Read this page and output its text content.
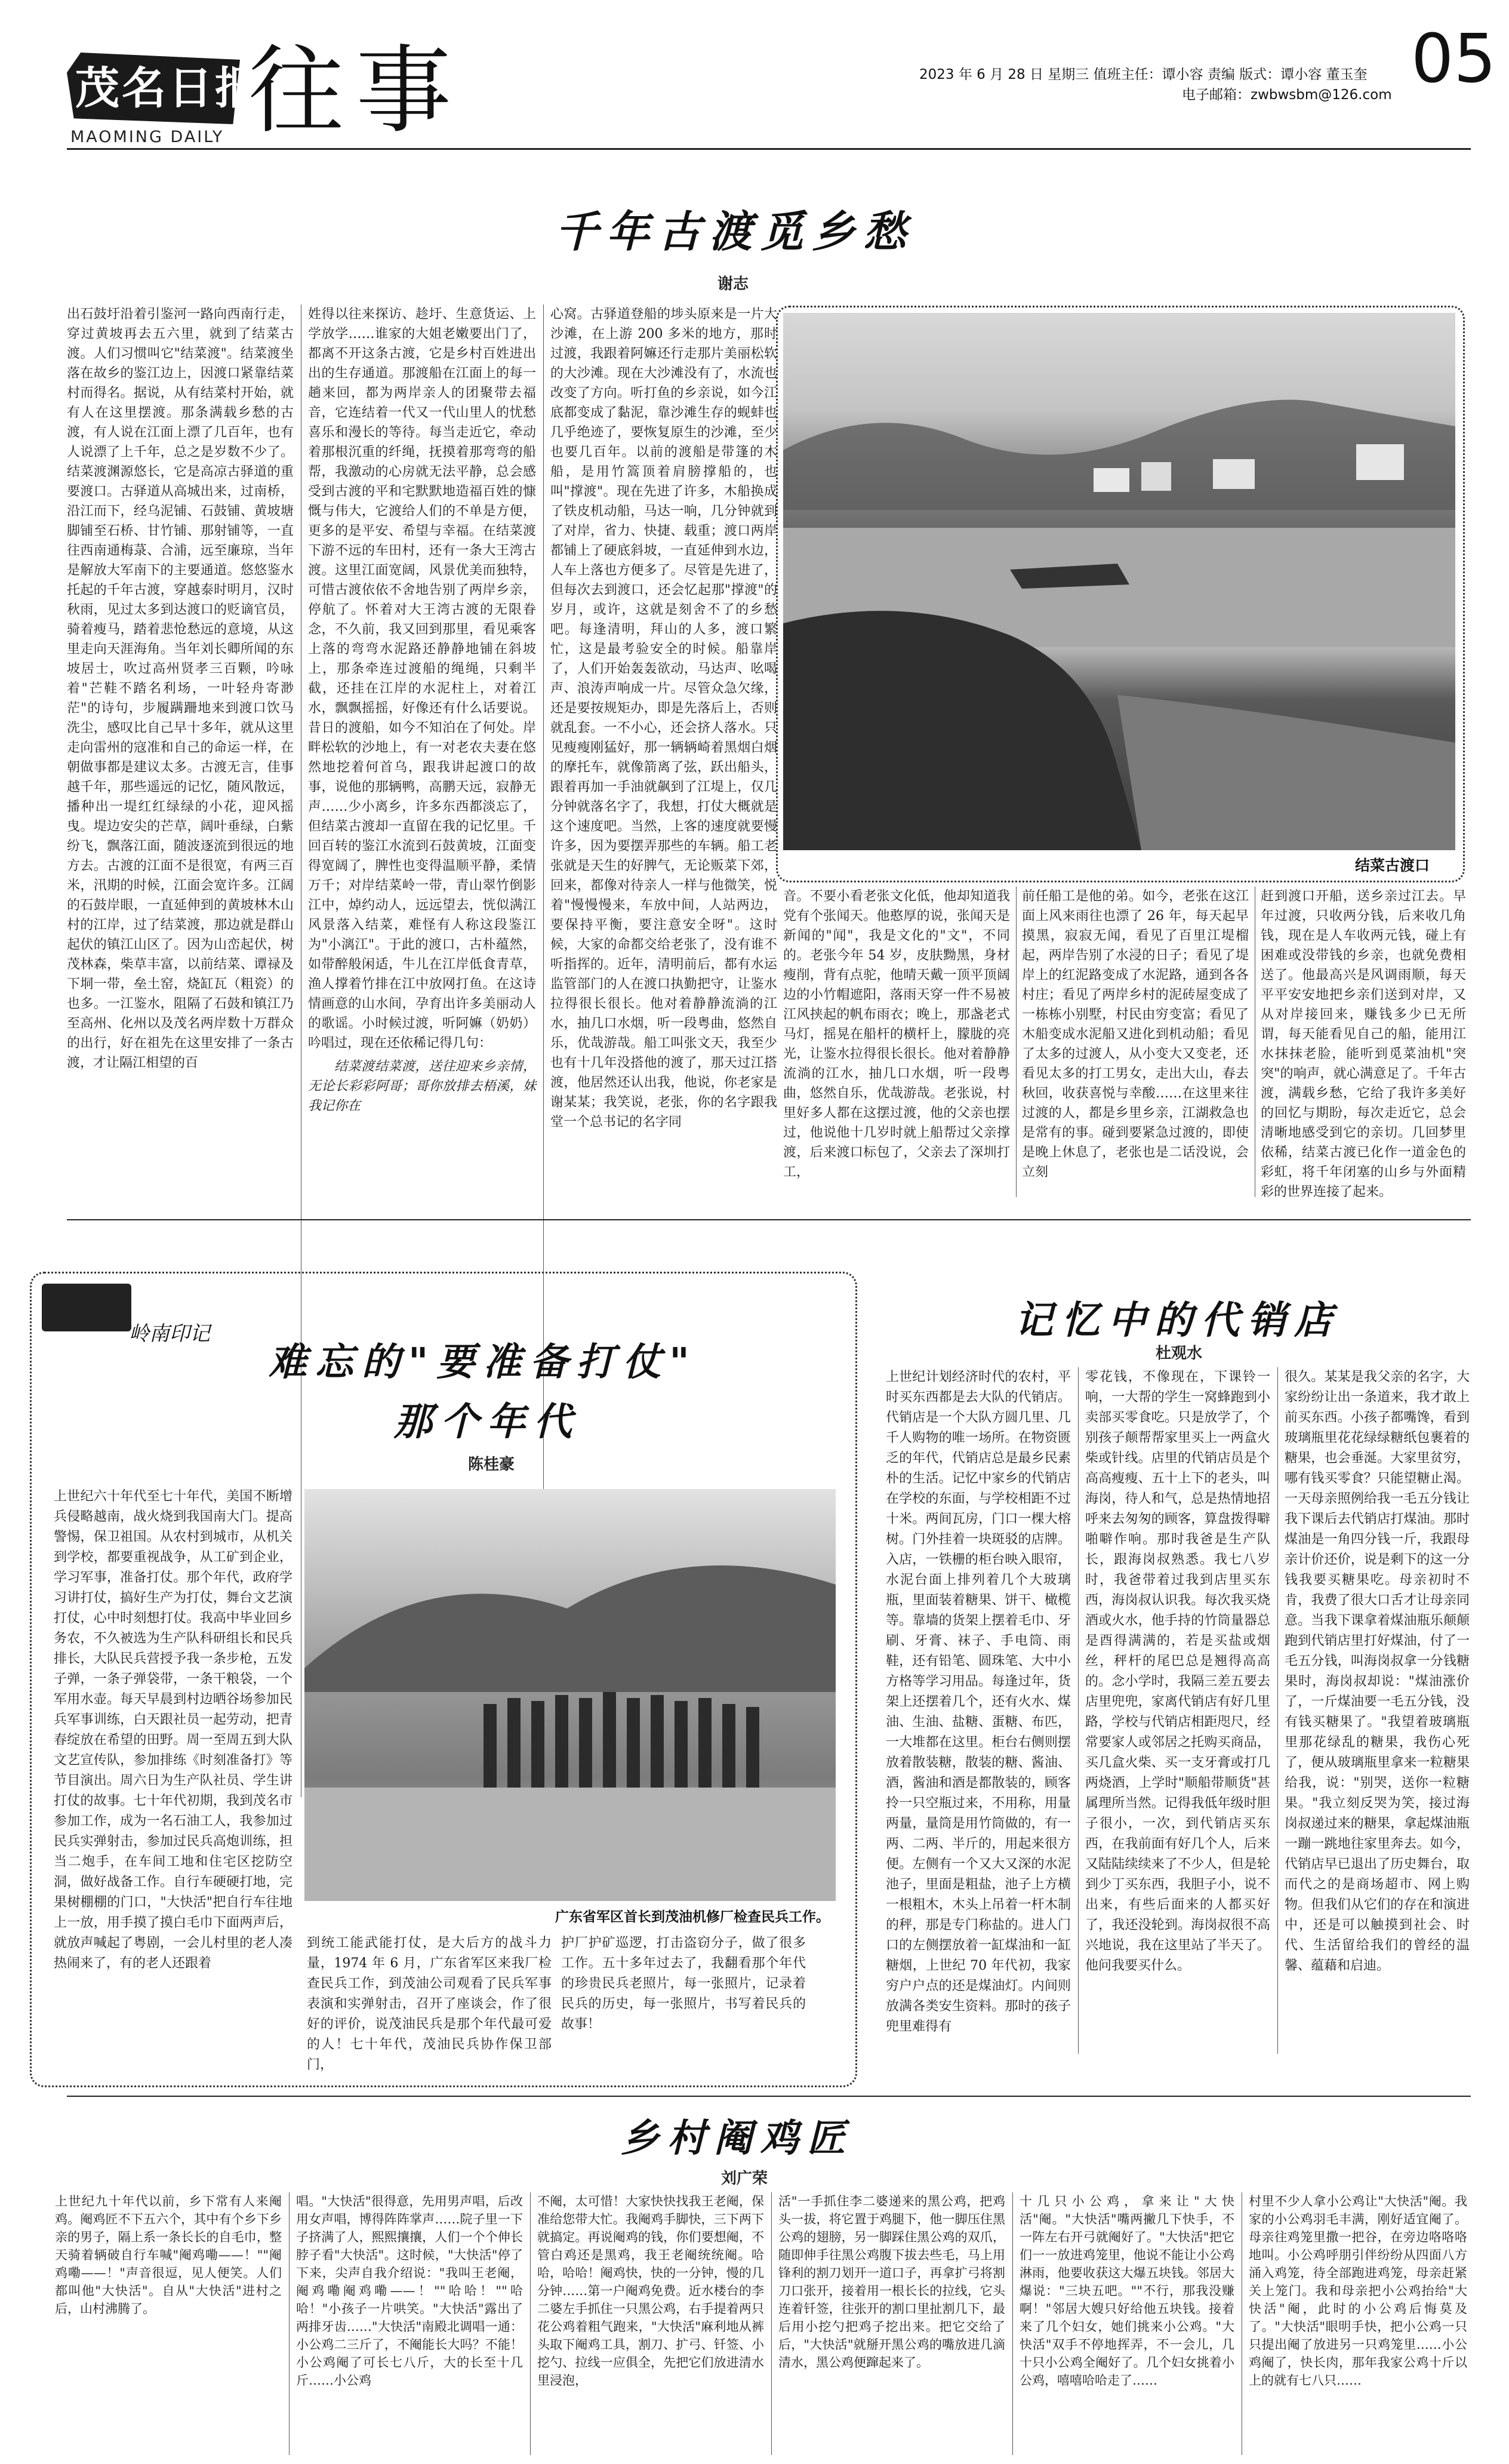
茂名日报
MAOMING DAILY 往事	2023 年 6 月 28 日 星期三 值班主任：谭小容 责编 版式：谭小容 董玉奎
电子邮箱：zwbwsbm@126.com 05
千年古渡觅乡愁
谢志
出石鼓圩沿着引鉴河一路向西南行走，穿过黄坡再去五六里，就到了结菜古渡。人们习惯叫它"结菜渡"。结菜渡坐落在故乡的鉴江边上，因渡口紧靠结菜村而得名。据说，从有结菜村开始，就有人在这里摆渡。那条满载乡愁的古渡，有人说在江面上漂了几百年，也有人说漂了上千年，总之是岁数不少了。结菜渡渊源悠长，它是高凉古驿道的重要渡口。古驿道从高城出来，过南桥，沿江而下，经乌泥铺、石鼓铺、黄坡塘脚铺至石桥、甘竹铺、那射铺等，一直往西南通梅菉、合浦，远至廉琼，当年是解放大军南下的主要通道。悠悠鉴水托起的千年古渡，穿越泰时明月，汉时秋雨，见过太多到达渡口的贬谪官员，骑着瘦马，踏着悲怆愁远的意境，从这里走向天涯海角。当年刘长卿所闻的东坡居士，吹过高州贤孝三百颗，吟咏着"芒鞋不踏名利场，一叶轻舟寄渺茫"的诗句，步履蹒跚地来到渡口饮马洗尘，感叹比自己早十多年，就从这里走向雷州的寇准和自己的命运一样，在朝做事都是建议太多。古渡无言，佳事越千年，那些遥远的记忆，随风散远，播种出一堤红红绿绿的小花，迎风摇曳。堤边安尖的芒草，阔叶垂绿，白紫纷飞，飘落江面，随波逐流到很远的地方去。古渡的江面不是很宽，有两三百米，汛期的时候，江面会宽许多。江阔的石鼓岸眼，一直延伸到的黄坡林木山村的江岸，过了结菜渡，那边就是群山起伏的镇江山区了。因为山峦起伏，树茂林森，柴草丰富，以前结菜、谭禄及下垌一带，垒土窑，烧缸瓦（粗瓷）的也多。一江鉴水，阻隔了石鼓和镇江乃至高州、化州以及茂名两岸数十万群众的出行，好在祖先在这里安排了一条古渡，才让隔江相望的百
姓得以往来探访、趁圩、生意货运、上学放学……谁家的大姐老嫩要出门了，都离不开这条古渡，它是乡村百姓进出出的生存通道。那渡船在江面上的每一趟来回，都为两岸亲人的团聚带去福音，它连结着一代又一代山里人的忧愁喜乐和漫长的等待。每当走近它，牵动着那根沉重的纤绳，抚摸着那弯弯的船帮，我激动的心房就无法平静，总会感受到古渡的平和宅默默地造福百姓的慷慨与伟大，它渡给人们的不单是方便，更多的是平安、希望与幸福。在结菜渡下游不远的车田村，还有一条大王湾古渡。这里江面宽阔，风景优美而独特，可惜古渡依依不舍地告别了两岸乡亲，停航了。怀着对大王湾古渡的无限眷念，不久前，我又回到那里，看见乘客上落的弯弯水泥路还静静地铺在斜坡上，那条牵连过渡船的绳绳，只剩半截，还挂在江岸的水泥柱上，对着江水，飘飘摇摇，好像还有什么话要说。昔日的渡船，如今不知泊在了何处。岸畔松软的沙地上，有一对老农夫妻在悠然地挖着何首乌，跟我讲起渡口的故事，说他的那辆鸭，高鹏天远，寂静无声……少小离乡，许多东西都淡忘了，但结菜古渡却一直留在我的记忆里。千回百转的鉴江水流到石鼓黄坡，江面变得宽阔了，脾性也变得温顺平静，柔情万千；对岸结菜岭一带，青山翠竹倒影江中，焯约动人，远远望去，恍似满江风景落入结菜，难怪有人称这段鉴江为"小漓江"。于此的渡口，古朴蕴然，如带醉般闲适，牛儿在江岸低食青草，渔人撑着竹排在江中放网打鱼。在这诗情画意的山水间，孕育出许多美丽动人的歌谣。小时候过渡，听阿嫲（奶奶）吟唱过，现在还依稀记得几句：
结菜渡结菜渡，送往迎来乡亲情，无论长彩彩阿哥；哥你放排去梧溪，妹我记你在
心窝。古驿道登船的埗头原来是一片大沙滩，在上游 200 多米的地方，那时过渡，我跟着阿嫲还行走那片美丽松软的大沙滩。现在大沙滩没有了，水流也改变了方向。听打鱼的乡亲说，如今江底都变成了黏泥，靠沙滩生存的蚬蚌也几乎绝迹了，要恢复原生的沙滩，至少也要几百年。以前的渡船是带篷的木船，是用竹篙顶着肩膀撑船的，也叫"撑渡"。现在先进了许多，木船换成了铁皮机动船，马达一响，几分钟就到了对岸，省力、快捷、载重；渡口两岸都铺上了硬底斜坡，一直延伸到水边，人车上落也方便多了。尽管是先进了，但每次去到渡口，还会忆起那"撑渡"的岁月，或许，这就是刻舍不了的乡愁吧。每逢清明，拜山的人多，渡口繁忙，这是最考验安全的时候。船靠岸了，人们开始轰轰欲动，马达声、吆喝声、浪涛声响成一片。尽管众急欠缘，还是要按规矩办，即是先落后上，否则就乱套。一不小心，还会挤人落水。只见瘦瘦刚猛好，那一辆辆崎着黑烟白烟的摩托车，就像箭离了弦，跃出船头，跟着再加一手油就飙到了江堤上，仅几分钟就落名字了，我想，打仗大概就是这个速度吧。当然，上客的速度就要慢许多，因为要摆弄那些的车辆。船工老张就是天生的好脾气，无论贩菜下郊，回来，都像对待亲人一样与他微笑，悦着"慢慢慢来，车放中间，人站两边，要保持平衡，要注意安全呀"。这时候，大家的命都交给老张了，没有谁不听指挥的。近年，清明前后，都有水运监管部门的人在渡口执勤把守，让鉴水拉得很长很长。他对着静静流淌的江水，抽几口水烟，听一段粤曲，悠然自乐，优哉游哉。船工叫张文天，我至少也有十几年没搭他的渡了，那天过江搭渡，他居然还认出我，他说，你老家是谢某某；我笑说，老张，你的名字跟我堂一个总书记的名字同
结菜古渡口
音。不要小看老张文化低，他却知道我党有个张闻天。他憨厚的说，张闻天是新闻的"闻"，我是文化的"文"，不同的。老张今年 54 岁，皮肤黝黑，身材瘦削，背有点驼，他晴天戴一顶平顶阔边的小竹帽遮阳，落雨天穿一件不易被江风挟起的帆布雨衣；晚上，那盏老式马灯，摇晃在船杆的横杆上，朦胧的亮光，让鉴水拉得很长很长。他对着静静流淌的江水，抽几口水烟，听一段粤曲，悠然自乐，优哉游哉。老张说，村里好多人都在这摆过渡，他的父亲也摆过，他说他十几岁时就上船帮过父亲撑渡，后来渡口标包了，父亲去了深圳打工，
前任船工是他的弟。如今，老张在这江面上风来雨往也漂了 26 年，每天起早摸黑，寂寂无闻，看见了百里江堤榴起，两岸告别了水浸的日子；看见了堤岸上的红泥路变成了水泥路，通到各各村庄；看见了两岸乡村的泥砖屋变成了一栋栋小别墅，村民由穷变富；看见了木船变成水泥船又进化到机动船；看见了太多的过渡人，从小变大又变老，还看见太多的打工男女，走出大山，春去秋回，收获喜悦与幸酸……在这里来往过渡的人，都是乡里乡亲，江湖救急也是常有的事。碰到要紧急过渡的，即使是晚上休息了，老张也是二话没说，会立刻
赶到渡口开船，送乡亲过江去。早年过渡，只收两分钱，后来收几角钱，现在是人车收两元钱，碰上有困难或没带钱的乡亲，也就免费相送了。他最高兴是风调雨顺，每天平平安安地把乡亲们送到对岸，又从对岸接回来，赚钱多少已无所谓，每天能看见自己的船，能用江水抹抹老脸，能听到觅菜油机"突突"的响声，就心满意足了。千年古渡，满载乡愁，它给了我许多美好的回忆与期盼，每次走近它，总会清晰地感受到它的亲切。几回梦里依稀，结菜古渡已化作一道金色的彩虹，将千年闭塞的山乡与外面精彩的世界连接了起来。
岭南印记
难忘的"要准备打仗"
那个年代
陈桂豪
上世纪六十年代至七十年代，美国不断增兵侵略越南，战火烧到我国南大门。提高警惕，保卫祖国。从农村到城市，从机关到学校，都要重视战争，从工矿到企业，学习军事，准备打仗。那个年代，政府学习讲打仗，搞好生产为打仗，舞台文艺演打仗，心中时刻想打仗。我高中毕业回乡务农，不久被选为生产队科研组长和民兵排长，大队民兵营授予我一条步枪，五发子弹，一条子弹袋带，一条干粮袋，一个军用水壶。每天早晨到村边晒谷场参加民兵军事训练，白天跟社员一起劳动，把青春绽放在希望的田野。周一至周五到大队文艺宣传队，参加排练《时刻准备打》等节目演出。周六日为生产队社员、学生讲打仗的故事。七十年代初期，我到茂名市参加工作，成为一名石油工人，我参加过民兵实弹射击，参加过民兵高炮训练，担当二炮手，在车间工地和住宅区挖防空洞，做好战备工作。自行车硬硬打地，完果树棚棚的门口，"大快活"把自行车往地上一放，用手摸了摸白毛巾下面两声后，就放声喊起了粤剧，一会儿村里的老人凑热闹来了，有的老人还跟着
广东省军区首长到茂油机修厂检查民兵工作。
到统工能武能打仗，是大后方的战斗力量，1974 年 6 月，广东省军区来我厂检查民兵工作，到茂油公司观看了民兵军事表演和实弹射击，召开了座谈会，作了很好的评价，说茂油民兵是那个年代最可爱的人！七十年代，茂油民兵协作保卫部门，
护厂护矿巡逻，打击盗窃分子，做了很多工作。五十多年过去了，我翻看那个年代的珍贵民兵老照片，每一张照片，记录着民兵的历史，每一张照片，书写着民兵的故事！
记忆中的代销店
杜观水
上世纪计划经济时代的农村，平时买东西都是去大队的代销店。代销店是一个大队方圆几里、几千人购物的唯一场所。在物资匮乏的年代，代销店总是最乡民素朴的生活。记忆中家乡的代销店在学校的东面，与学校相距不过十米。两间瓦房，门口一棵大榕树。门外挂着一块斑驳的店牌。入店，一铁栅的柜台映入眼帘，水泥台面上排列着几个大玻璃瓶，里面装着糖果、饼干、橄榄等。靠墙的货架上摆着毛巾、牙刷、牙膏、袜子、手电筒、雨鞋，还有铅笔、圆珠笔、大中小方格等学习用品。每逢过年，货架上还摆着几个，还有火水、煤油、生油、盐糖、蛋糖、布匹，一大堆都在这里。柜台右侧则摆放着散装糖，散装的糖、酱油、酒，酱油和酒是都散装的，顾客拎一只空瓶过来，不用称，用量两量，量筒是用竹筒做的，有一两、二两、半斤的，用起来很方便。左侧有一个又大又深的水泥池子，里面是粗盐，池子上方横一根粗木，木头上吊着一杆木制的秤，那是专门称盐的。进人门口的左侧摆放着一缸煤油和一缸糖烟，上世纪 70 年代初，我家穷户户点的还是煤油灯。内间则放满各类安生资料。那时的孩子兜里难得有
零花钱，不像现在，下课铃一响，一大帮的学生一窝蜂跑到小卖部买零食吃。只是放学了，个别孩子颠帮帮家里买上一两盒火柴或针线。店里的代销店员是个高高瘦瘦、五十上下的老头，叫海岗，待人和气，总是热情地招呼来去匆匆的顾客，算盘拨得噼啪噼作响。那时我爸是生产队长，跟海岗叔熟悉。我七八岁时，我爸带着过我到店里买东西，海岗叔认识我。每次我买烧酒或火水，他手持的竹筒量器总是酉得满满的，若是买盐或烟丝，秤杆的尾巴总是翘得高高的。念小学时，我隔三差五要去店里兜兜，家离代销店有好几里路，学校与代销店相距咫尺，经常要家人或邻居之托购买商品，买几盒火柴、买一支牙膏或打几两烧酒，上学时"顺船带顺货"甚属理所当然。记得我低年级时胆子很小，一次，到代销店买东西，在我前面有好几个人，后来又陆陆续续来了不少人，但是轮到少丁买东西，我胆子小，说不出来，有些后面来的人都买好了，我还没轮到。海岗叔很不高兴地说，我在这里站了半天了。他问我要买什么。
很久。某某是我父亲的名字，大家纷纷让出一条道来，我才敢上前买东西。小孩子都嘴馋，看到玻璃瓶里花花绿绿糖纸包裹着的糖果，也会垂涎。大家里贫穷，哪有钱买零食？只能望糖止渴。一天母亲照例给我一毛五分钱让我下课后去代销店打煤油。那时煤油是一角四分钱一斤，我跟母亲计价还价，说是剩下的这一分钱我要买糖果吃。母亲初时不肯，我费了很大口舌才让母亲同意。当我下课拿着煤油瓶乐颠颠跑到代销店里打好煤油，付了一毛五分钱，叫海岗叔拿一分钱糖果时，海岗叔却说："煤油涨价了，一斤煤油要一毛五分钱，没有钱买糖果了。"我望着玻璃瓶里那花绿乱的糖果，我伤心死了，便从玻璃瓶里拿来一粒糖果给我，说："别哭，送你一粒糖果。"我立刻反哭为笑，接过海岗叔递过来的糖果，拿起煤油瓶一蹦一跳地往家里奔去。如今，代销店早已退出了历史舞台，取而代之的是商场超市、网上购物。但我们从它们的存在和演进中，还是可以触摸到社会、时代、生活留给我们的曾经的温馨、蕴藉和启迪。
乡村阉鸡匠
刘广荣
上世纪九十年代以前，乡下常有人来阉鸡。阉鸡匠不下五六个，其中有个乡下乡亲的男子，隔上系一条长长的自毛巾，整天骑着辆破自行车喊"阉鸡嘞——！""阉鸡嘞——！"声音很逗，见人便笑。人们都叫他"大快活"。自从"大快活"进村之后，山村沸腾了。
唱。"大快活"很得意，先用男声唱，后改用女声唱，博得阵阵掌声……院子里一下子挤满了人，熙熙攘攘，人们一个个伸长脖子看"大快活"。这时候，"大快活"停了下来，尖声自我介绍说："我叫王老阉，阉鸡嘞阉鸡嘞——！""哈哈！""哈哈！"小孩子一片哄笑。"大快活"露出了两排牙齿……"大快活"南殿北调唱一通：小公鸡二三斤了，不阉能长大吗？不能！小公鸡阉了可长七八斤，大的长至十几斤……小公鸡
不阉，太可惜！大家快快找我王老阉，保准给您带大忙。我阉鸡手脚快，三下两下就搞定。再说阉鸡的钱，你们要想阉，不管白鸡还是黑鸡，我王老阉统统阉。哈哈，哈哈！阉鸡快，快的一分钟，慢的几分钟……第一户阉鸡免费。近水楼台的李二婆左手抓住一只黑公鸡，右手提着两只花公鸡着粗气跑来，"大快活"麻利地从裤头取下阉鸡工具，割刀、扩弓、钎签、小挖勺、拉线一应俱全，先把它们放进清水里浸泡，
活"一手抓住李二婆递来的黑公鸡，把鸡头一拔，将它置于鸡腿下，他一脚压住黑公鸡的翅膀，另一脚踩住黑公鸡的双爪，随即伸手往黑公鸡腹下拔去些毛，马上用锋利的割刀划开一道口子，再拿扩弓将割刀口张开，接着用一根长长的拉线，它头连着钎签，往张开的割口里扯割几下，最后用小挖勺把鸡子挖出来。把它交给了后，"大快活"就掰开黑公鸡的嘴放进几滴清水，黑公鸡便蹿起来了。
十几只小公鸡，拿来让"大快活"阉。"大快活"嘴两撇几下快手，不一阵左右开弓就阉好了。"大快活"把它们一一放进鸡笼里，他说不能让小公鸡淋雨，他要收获这大爆五块钱。邻居大爆说："三块五吧。""不行，那我没赚啊！"邻居大嫂只好给他五块钱。接着来了几个妇女，她们挑来小公鸡。"大快活"双手不停地挥弄，不一会儿，几十只小公鸡全阉好了。几个妇女挑着小公鸡，嘻嘻哈哈走了……
村里不少人拿小公鸡让"大快活"阉。我家的小公鸡羽毛丰满，刚好适宜阉了。母亲往鸡笼里撒一把谷，在旁边咯咯咯地叫。小公鸡呼朋引伴纷纷从四面八方涌入鸡笼，待全部跑进鸡笼，母亲赶紧关上笼门。我和母亲把小公鸡抬给"大快活"阉，此时的小公鸡后悔莫及了。"大快活"眼明手快，把小公鸡一只只提出阉了放进另一只鸡笼里……小公鸡阉了，快长肉，那年我家公鸡十斤以上的就有七八只……
